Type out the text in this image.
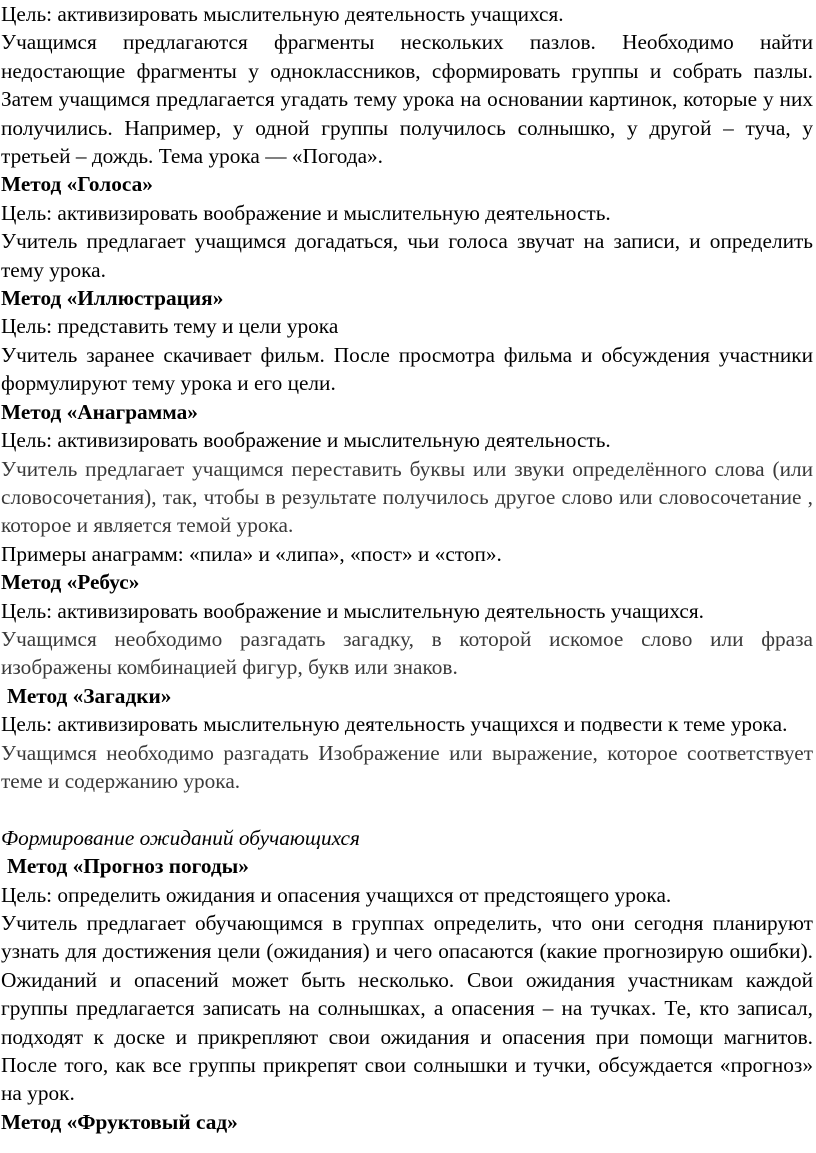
Цель: активизировать мыслительную деятельность учащихся.

Учащимся предлагаются фрагменты нескольких пазлов. Необходимо найти недостающие фрагменты у одноклассников, сформировать группы и собрать пазлы. Затем учащимся предлагается угадать тему урока на основании картинок, которые у них получились. Например, у одной группы получилось солнышко, у другой – туча, у третьей – дождь. Тема урока — «Погода».

Метод «Голоса»

Цель: активизировать воображение и мыслительную деятельность.

Учитель предлагает учащимся догадаться, чьи голоса звучат на записи, и определить тему урока.

Метод «Иллюстрация»

Цель: представить тему и цели урока

Учитель заранее скачивает фильм. После просмотра фильма и обсуждения участники формулируют тему урока и его цели.

Метод «Анаграмма»

Цель: активизировать воображение и мыслительную деятельность.

Учитель предлагает учащимся переставить буквы или звуки определённого слова (или словосочетания), так, чтобы в результате получилось другое слово или словосочетание , которое и является темой урока.

Примеры анаграмм: «пила» и «липа», «пост» и «стоп».

Метод «Ребус»

Цель: активизировать воображение и мыслительную деятельность учащихся.

Учащимся необходимо разгадать загадку, в которой искомое слово или фраза изображены комбинацией фигур, букв или знаков.

Метод «Загадки»

Цель: активизировать мыслительную деятельность учащихся и подвести к теме урока.

Учащимся необходимо разгадать Изображение или выражение, которое соответствует теме и содержанию урока.

Формирование ожиданий обучающихся

Метод «Прогноз погоды»

Цель: определить ожидания и опасения учащихся от предстоящего урока.

Учитель предлагает обучающимся в группах определить, что они сегодня планируют узнать для достижения цели (ожидания) и чего опасаются (какие прогнозирую ошибки). Ожиданий и опасений может быть несколько. Свои ожидания участникам каждой группы предлагается записать на солнышках, а опасения – на тучках. Те, кто записал, подходят к доске и прикрепляют свои ожидания и опасения при помощи магнитов. После того, как все группы прикрепят свои солнышки и тучки, обсуждается «прогноз» на урок.

Метод «Фруктовый сад»
